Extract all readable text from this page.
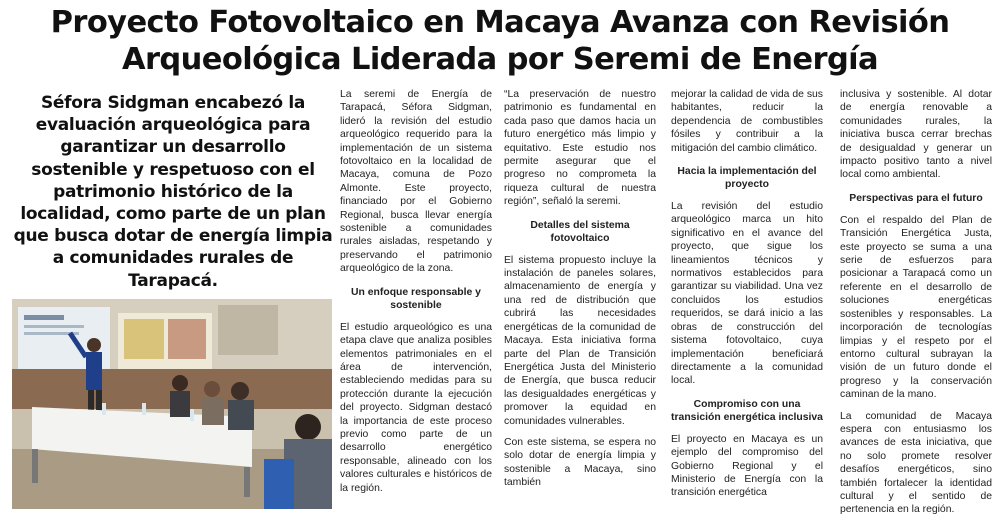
Proyecto Fotovoltaico en Macaya Avanza con Revisión
Arqueológica Liderada por Seremi de Energía
Séfora Sidgman encabezó la evaluación arqueológica para garantizar un desarrollo sostenible y respetuoso con el patrimonio histórico de la localidad, como parte de un plan que busca dotar de energía limpia a comunidades rurales de Tarapacá.

La seremi de Energía de Tarapacá, Séfora Sidgman, lideró la revisión del estudio arqueológico requerido para la implementación de un sistema fotovoltaico en la localidad de Macaya, comuna de Pozo Almonte. Este proyecto, financiado por el Gobierno Regional, busca llevar energía sostenible a comunidades rurales aisladas, respetando y preservando el patrimonio arqueológico de la zona.

Un enfoque responsable y sostenible

El estudio arqueológico es una etapa clave que analiza posibles elementos patrimoniales en el área de intervención, estableciendo medidas para su protección durante la ejecución del proyecto. Sidgman destacó la importancia de este proceso previo como parte de un desarrollo energético responsable, alineado con los valores culturales e históricos de la región.

“La preservación de nuestro patrimonio es fundamental en cada paso que damos hacia un futuro energético más limpio y equitativo. Este estudio nos permite asegurar que el progreso no comprometa la riqueza cultural de nuestra región”, señaló la seremi.

Detalles del sistema fotovoltaico

El sistema propuesto incluye la instalación de paneles solares, almacenamiento de energía y una red de distribución que cubrirá las necesidades energéticas de la comunidad de Macaya. Esta iniciativa forma parte del Plan de Transición Energética Justa del Ministerio de Energía, que busca reducir las desigualdades energéticas y promover la equidad en comunidades vulnerables.

Con este sistema, se espera no solo dotar de energía limpia y sostenible a Macaya, sino también

mejorar la calidad de vida de sus habitantes, reducir la dependencia de combustibles fósiles y contribuir a la mitigación del cambio climático.

Hacia la implementación del proyecto

La revisión del estudio arqueológico marca un hito significativo en el avance del proyecto, que sigue los lineamientos técnicos y normativos establecidos para garantizar su viabilidad. Una vez concluidos los estudios requeridos, se dará inicio a las obras de construcción del sistema fotovoltaico, cuya implementación beneficiará directamente a la comunidad local.

Compromiso con una transición energética inclusiva

El proyecto en Macaya es un ejemplo del compromiso del Gobierno Regional y el Ministerio de Energía con la transición energética

inclusiva y sostenible. Al dotar de energía renovable a comunidades rurales, la iniciativa busca cerrar brechas de desigualdad y generar un impacto positivo tanto a nivel local como ambiental.

Perspectivas para el futuro

Con el respaldo del Plan de Transición Energética Justa, este proyecto se suma a una serie de esfuerzos para posicionar a Tarapacá como un referente en el desarrollo de soluciones energéticas sostenibles y responsables. La incorporación de tecnologías limpias y el respeto por el entorno cultural subrayan la visión de un futuro donde el progreso y la conservación caminan de la mano.

La comunidad de Macaya espera con entusiasmo los avances de esta iniciativa, que no solo promete resolver desafíos energéticos, sino también fortalecer la identidad cultural y el sentido de pertenencia en la región.
